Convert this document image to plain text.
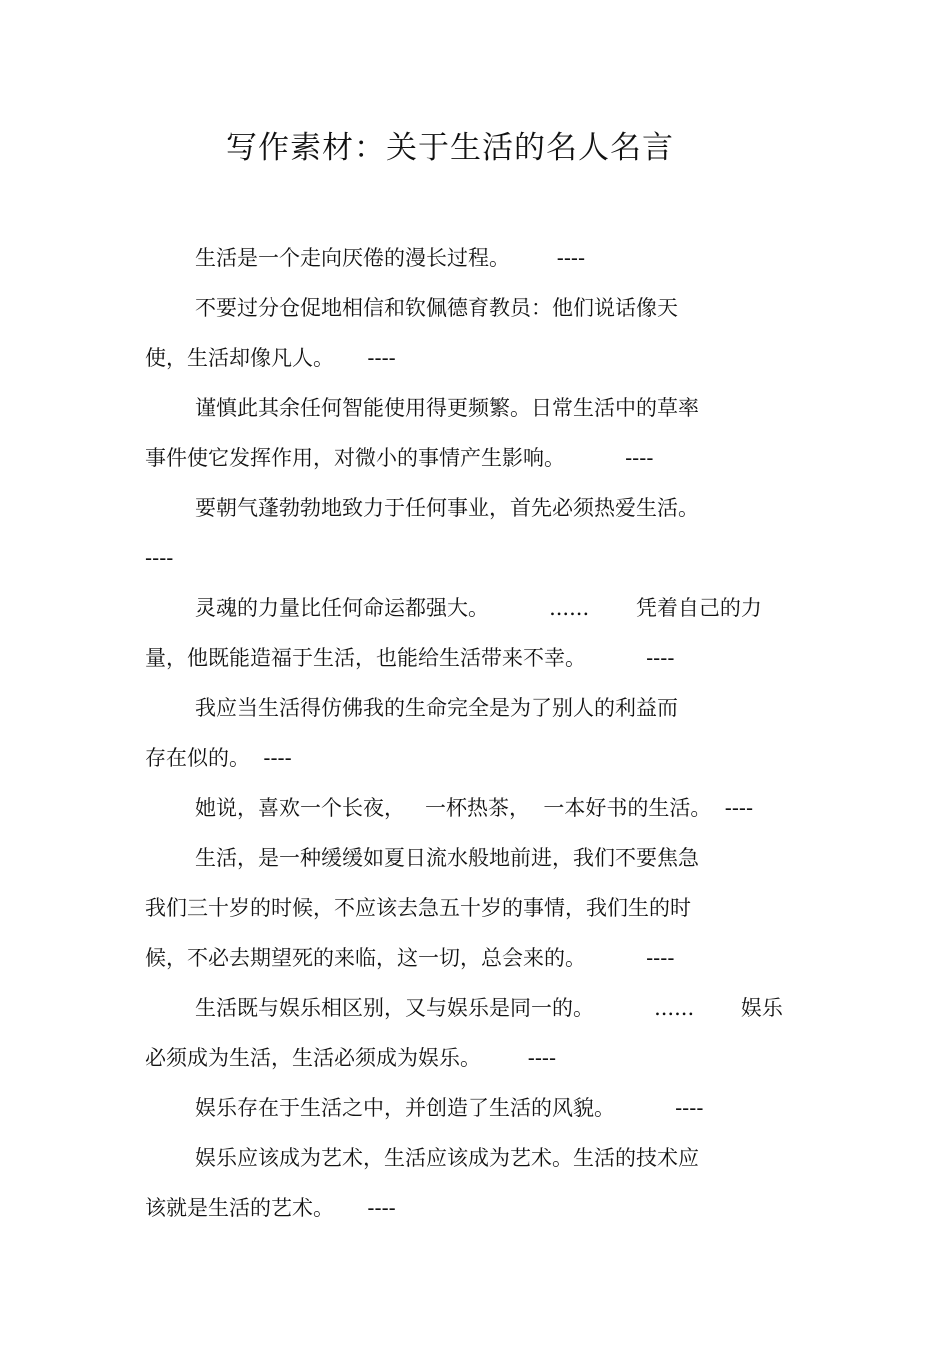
写作素材：关于生活的名人名言
生活是一个走向厌倦的漫长过程。       ----
不要过分仓促地相信和钦佩德育教员：他们说话像天
使，生活却像凡人。     ----
谨慎此其余任何智能使用得更频繁。日常生活中的草率
事件使它发挥作用，对微小的事情产生影响。         ----
要朝气蓬勃勃地致力于任何事业，首先必须热爱生活。
----
灵魂的力量比任何命运都强大。         ......       凭着自己的力
量，他既能造福于生活，也能给生活带来不幸。         ----
我应当生活得仿佛我的生命完全是为了别人的利益而
存在似的。  ----
她说，喜欢一个长夜，   一杯热茶，  一本好书的生活。  ----
生活，是一种缓缓如夏日流水般地前进，我们不要焦急
我们三十岁的时候，不应该去急五十岁的事情，我们生的时
候，不必去期望死的来临，这一切，总会来的。         ----
生活既与娱乐相区别，又与娱乐是同一的。         ......       娱乐
必须成为生活，生活必须成为娱乐。       ----
娱乐存在于生活之中，并创造了生活的风貌。         ----
娱乐应该成为艺术，生活应该成为艺术。生活的技术应
该就是生活的艺术。     ----
